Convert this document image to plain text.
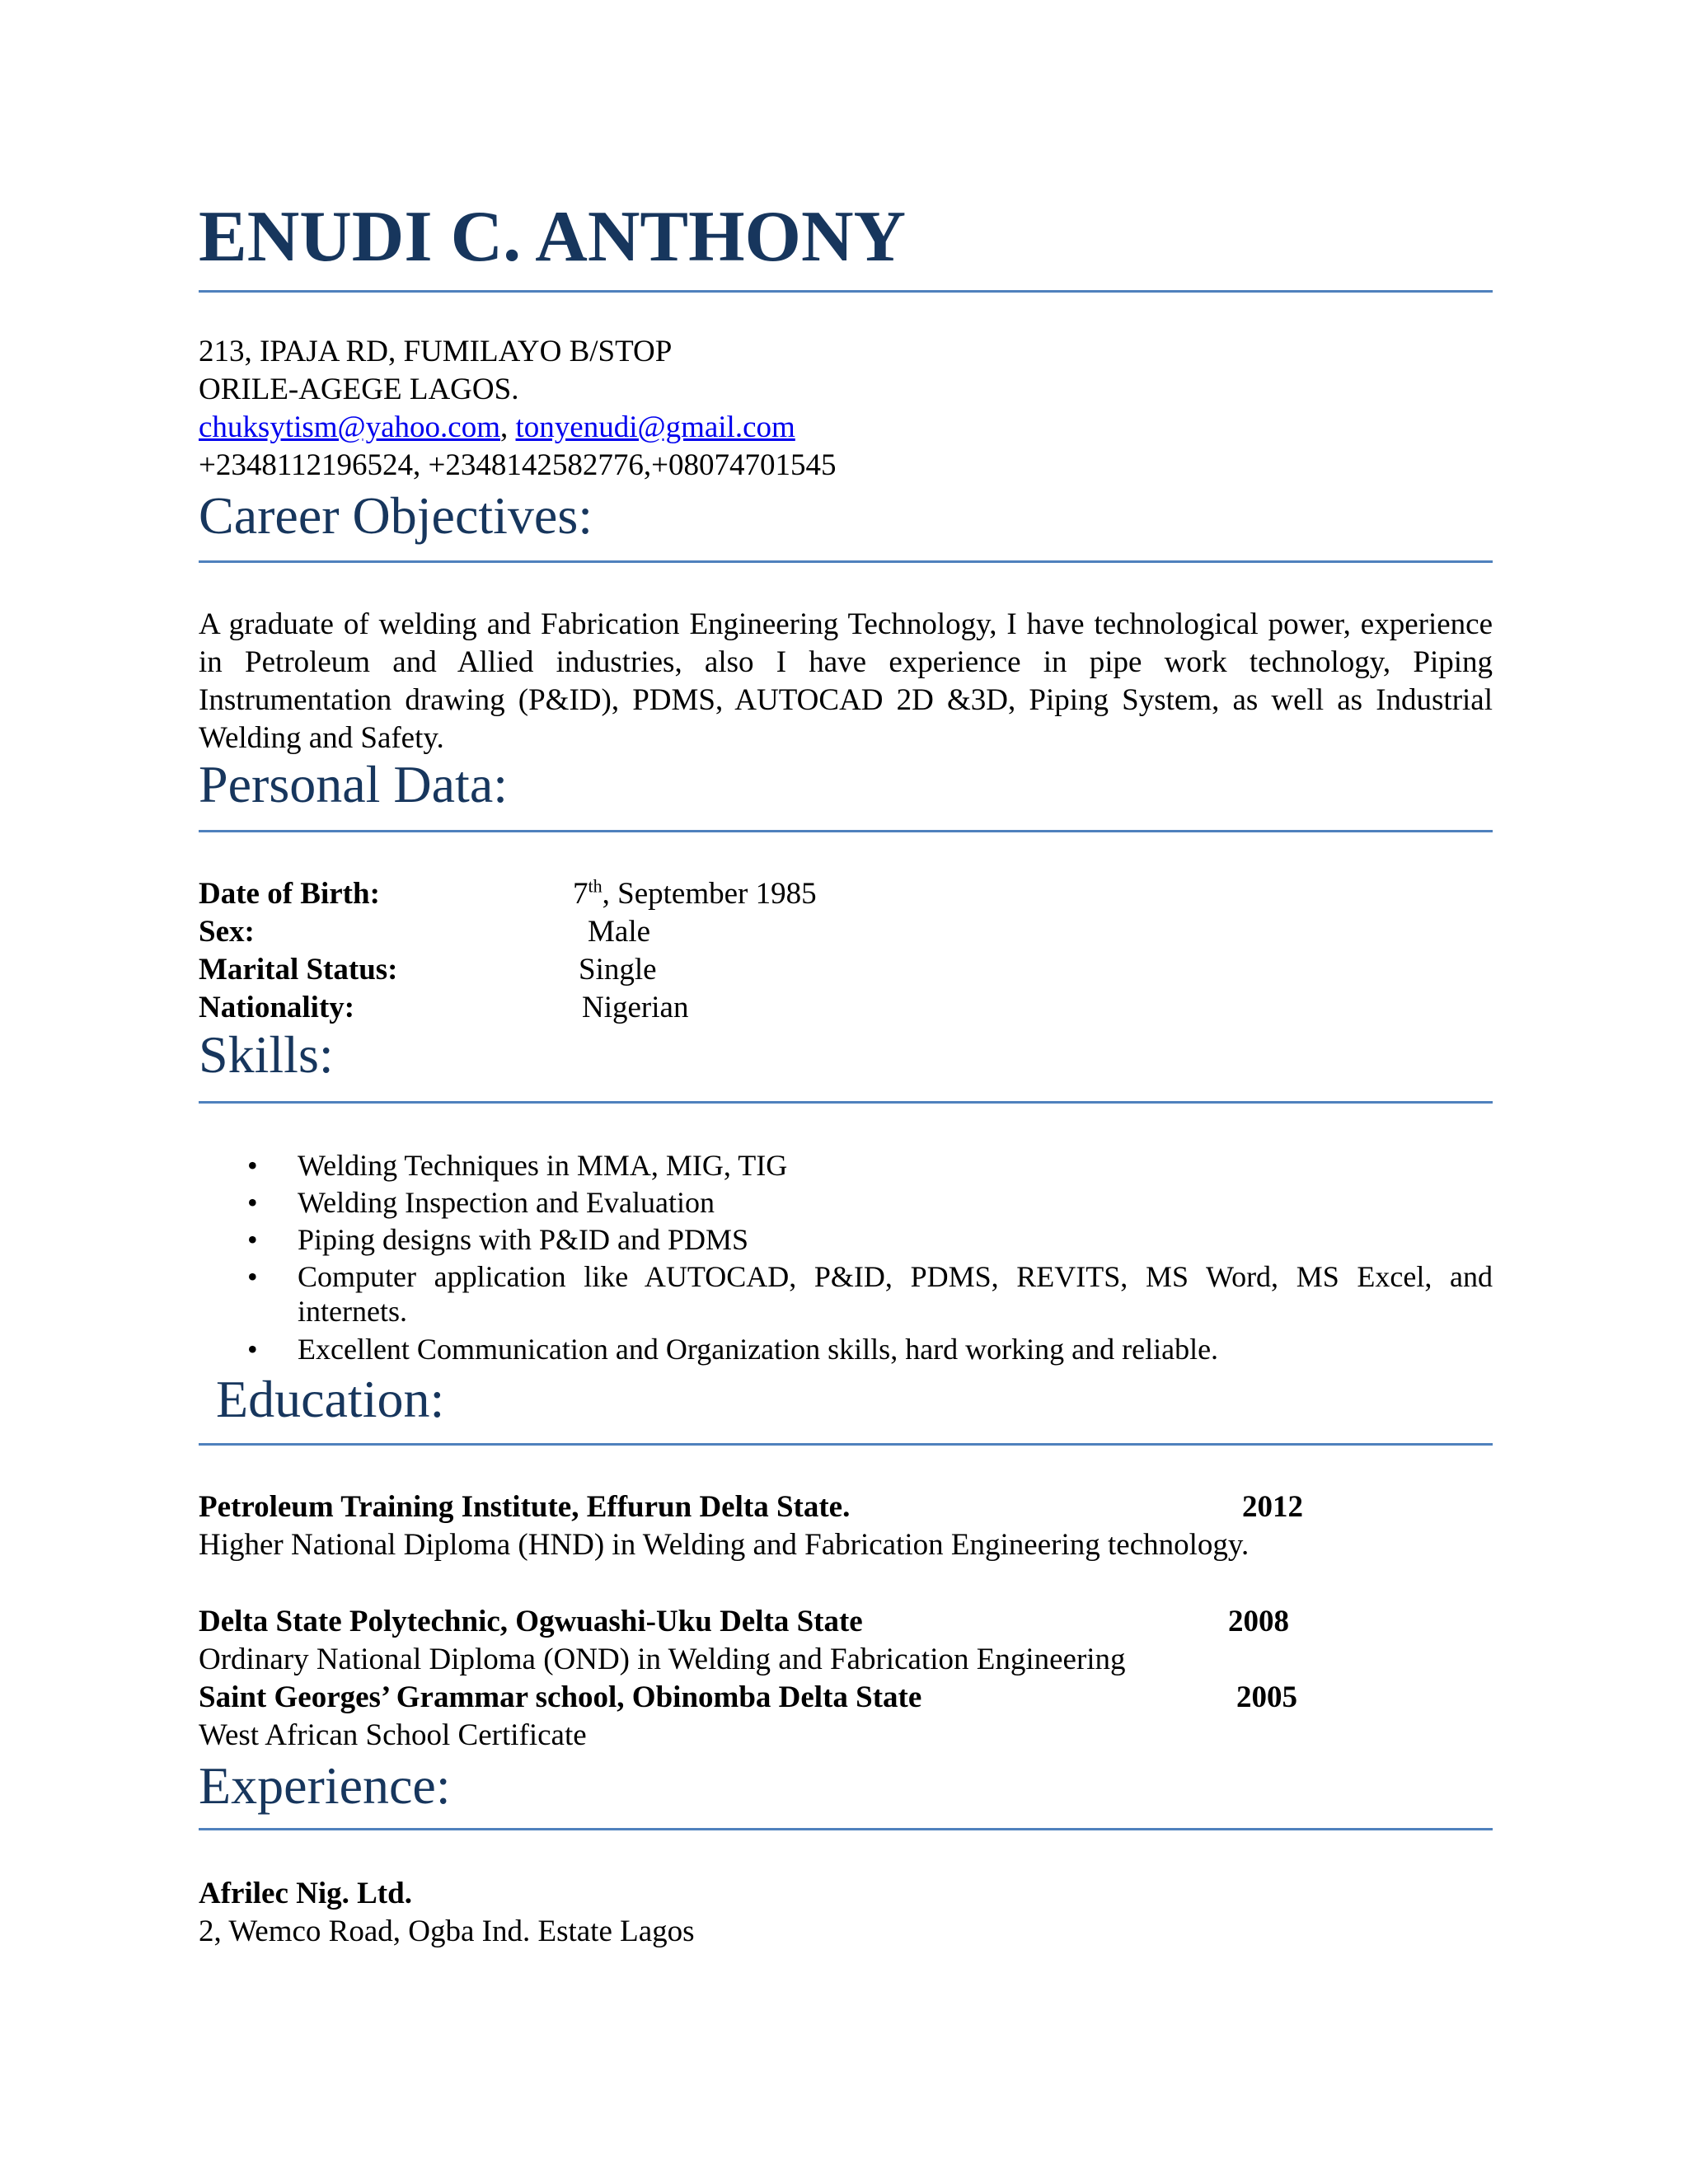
ENUDI C. ANTHONY
213, IPAJA RD, FUMILAYO B/STOP
ORILE-AGEGE LAGOS.
chuksytism@yahoo.com, tonyenudi@gmail.com
+2348112196524, +2348142582776,+08074701545
Career Objectives:
A graduate of welding and Fabrication Engineering Technology, I have technological power, experience in Petroleum and Allied industries, also I have experience in pipe work technology, Piping Instrumentation drawing (P&ID), PDMS, AUTOCAD 2D &3D, Piping System, as well as Industrial Welding and Safety.
Personal Data:
Date of Birth:	7th, September 1985
Sex:	Male
Marital Status:	Single
Nationality:	Nigerian
Skills:
• Welding Techniques in MMA, MIG, TIG
• Welding Inspection and Evaluation
• Piping designs with P&ID and PDMS
• Computer application like AUTOCAD, P&ID, PDMS, REVITS, MS Word, MS Excel, and internets.
• Excellent Communication and Organization skills, hard working and reliable.
Education:
Petroleum Training Institute, Effurun Delta State.	2012
Higher National Diploma (HND) in Welding and Fabrication Engineering technology.
Delta State Polytechnic, Ogwuashi-Uku Delta State	2008
Ordinary National Diploma (OND) in Welding and Fabrication Engineering
Saint Georges’ Grammar school, Obinomba Delta State	2005
West African School Certificate
Experience:
Afrilec Nig. Ltd.
2, Wemco Road, Ogba Ind. Estate Lagos
